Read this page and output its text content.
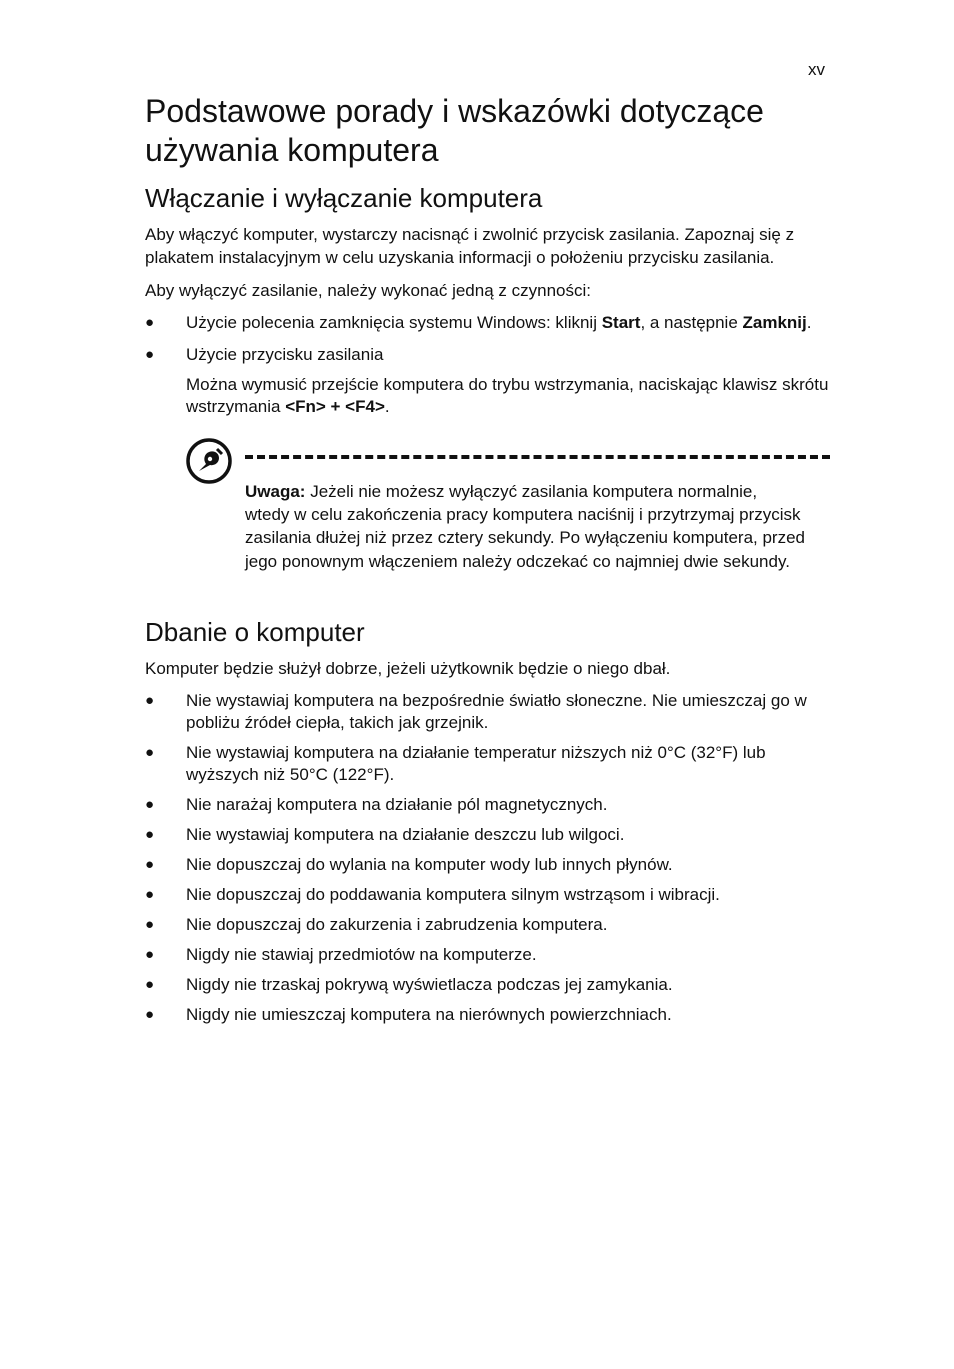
xv
Podstawowe porady i wskazówki dotyczące używania komputera
Włączanie i wyłączanie komputera

Aby włączyć komputer, wystarczy nacisnąć i zwolnić przycisk zasilania. Zapoznaj się z plakatem instalacyjnym w celu uzyskania informacji o położeniu przycisku zasilania.

Aby wyłączyć zasilanie, należy wykonać jedną z czynności:

● Użycie polecenia zamknięcia systemu Windows: kliknij Start, a następnie Zamknij.
● Użycie przycisku zasilania
Można wymusić przejście komputera do trybu wstrzymania, naciskając klawisz skrótu wstrzymania <Fn> + <F4>.
Uwaga: Jeżeli nie możesz wyłączyć zasilania komputera normalnie, wtedy w celu zakończenia pracy komputera naciśnij i przytrzymaj przycisk zasilania dłużej niż przez cztery sekundy. Po wyłączeniu komputera, przed jego ponownym włączeniem należy odczekać co najmniej dwie sekundy.
Dbanie o komputer

Komputer będzie służył dobrze, jeżeli użytkownik będzie o niego dbał.

● Nie wystawiaj komputera na bezpośrednie światło słoneczne. Nie umieszczaj go w pobliżu źródeł ciepła, takich jak grzejnik.
● Nie wystawiaj komputera na działanie temperatur niższych niż 0°C (32°F) lub wyższych niż 50°C (122°F).
● Nie narażaj komputera na działanie pól magnetycznych.
● Nie wystawiaj komputera na działanie deszczu lub wilgoci.
● Nie dopuszczaj do wylania na komputer wody lub innych płynów.
● Nie dopuszczaj do poddawania komputera silnym wstrząsom i wibracji.
● Nie dopuszczaj do zakurzenia i zabrudzenia komputera.
● Nigdy nie stawiaj przedmiotów na komputerze.
● Nigdy nie trzaskaj pokrywą wyświetlacza podczas jej zamykania.
● Nigdy nie umieszczaj komputera na nierównych powierzchniach.
